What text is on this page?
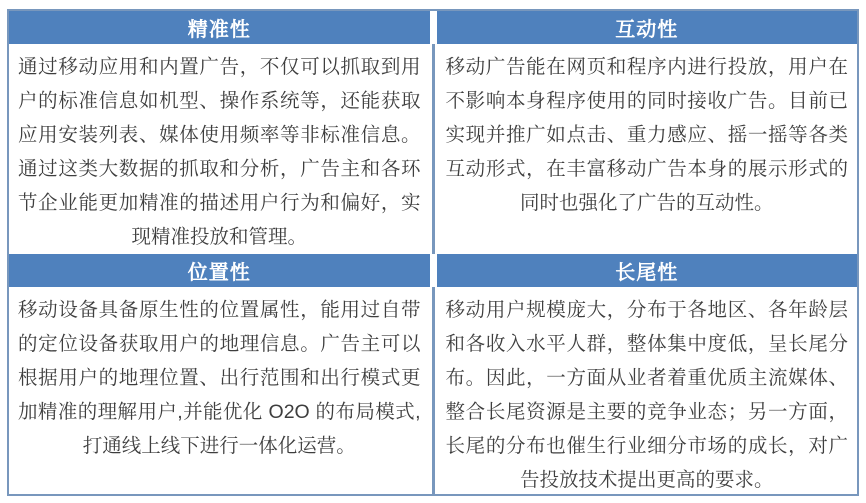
精准性	互动性
通过移动应用和内置广告，不仅可以抓取到用户的标准信息如机型、操作系统等，还能获取应用安装列表、媒体使用频率等非标准信息。通过这类大数据的抓取和分析，广告主和各环节企业能更加精准的描述用户行为和偏好，实现精准投放和管理。
移动广告能在网页和程序内进行投放，用户在不影响本身程序使用的同时接收广告。目前已实现并推广如点击、重力感应、摇一摇等各类互动形式，在丰富移动广告本身的展示形式的同时也强化了广告的互动性。
位置性	长尾性
移动设备具备原生性的位置属性，能用过自带的定位设备获取用户的地理信息。广告主可以根据用户的地理位置、出行范围和出行模式更加精准的理解用户,并能优化 O2O 的布局模式,打通线上线下进行一体化运营。
移动用户规模庞大，分布于各地区、各年龄层和各收入水平人群，整体集中度低，呈长尾分布。因此，一方面从业者着重优质主流媒体、整合长尾资源是主要的竞争业态；另一方面，长尾的分布也催生行业细分市场的成长，对广告投放技术提出更高的要求。
